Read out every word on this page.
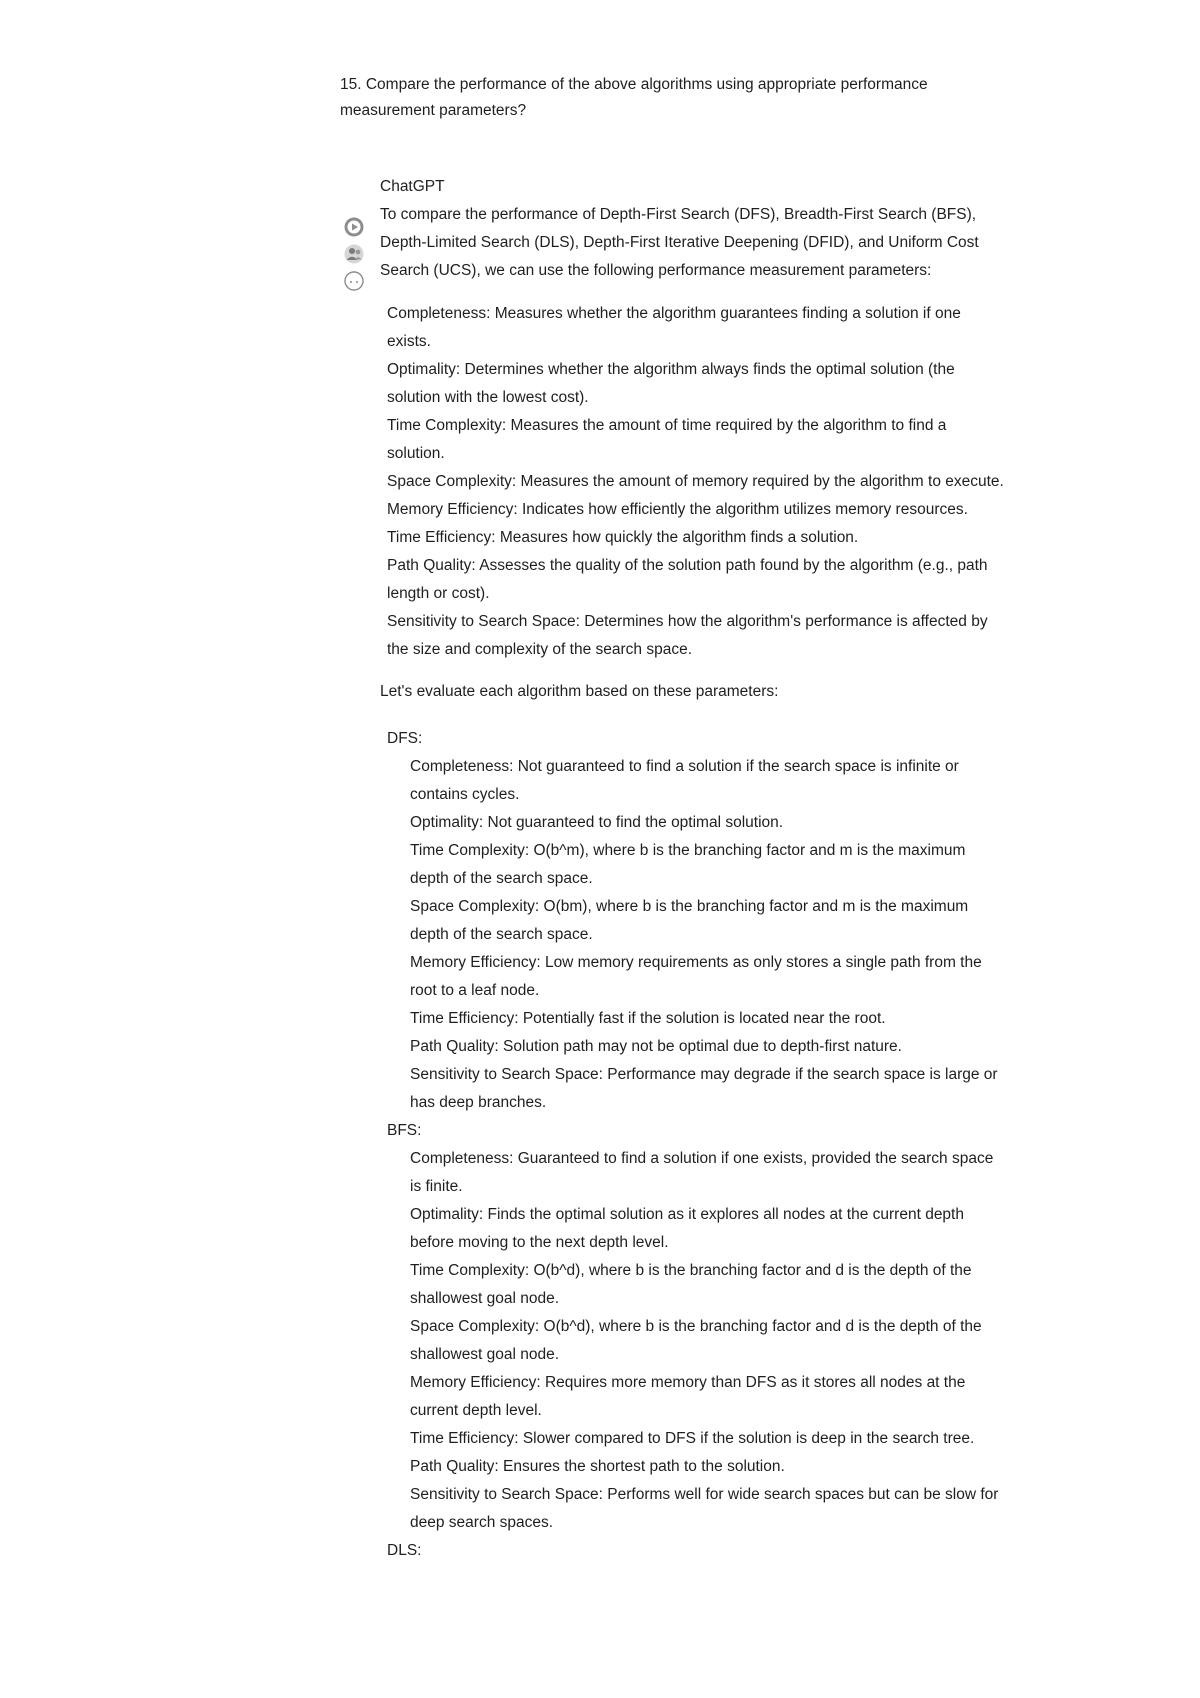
15. Compare the performance of the above algorithms using appropriate performance measurement parameters?

ChatGPT

To compare the performance of Depth-First Search (DFS), Breadth-First Search (BFS), Depth-Limited Search (DLS), Depth-First Iterative Deepening (DFID), and Uniform Cost Search (UCS), we can use the following performance measurement parameters:

Completeness: Measures whether the algorithm guarantees finding a solution if one exists.
Optimality: Determines whether the algorithm always finds the optimal solution (the solution with the lowest cost).
Time Complexity: Measures the amount of time required by the algorithm to find a solution.
Space Complexity: Measures the amount of memory required by the algorithm to execute.
Memory Efficiency: Indicates how efficiently the algorithm utilizes memory resources.
Time Efficiency: Measures how quickly the algorithm finds a solution.
Path Quality: Assesses the quality of the solution path found by the algorithm (e.g., path length or cost).
Sensitivity to Search Space: Determines how the algorithm's performance is affected by the size and complexity of the search space.

Let's evaluate each algorithm based on these parameters:

DFS:
Completeness: Not guaranteed to find a solution if the search space is infinite or contains cycles.
Optimality: Not guaranteed to find the optimal solution.
Time Complexity: O(b^m), where b is the branching factor and m is the maximum depth of the search space.
Space Complexity: O(bm), where b is the branching factor and m is the maximum depth of the search space.
Memory Efficiency: Low memory requirements as only stores a single path from the root to a leaf node.
Time Efficiency: Potentially fast if the solution is located near the root.
Path Quality: Solution path may not be optimal due to depth-first nature.
Sensitivity to Search Space: Performance may degrade if the search space is large or has deep branches.
BFS:
Completeness: Guaranteed to find a solution if one exists, provided the search space is finite.
Optimality: Finds the optimal solution as it explores all nodes at the current depth before moving to the next depth level.
Time Complexity: O(b^d), where b is the branching factor and d is the depth of the shallowest goal node.
Space Complexity: O(b^d), where b is the branching factor and d is the depth of the shallowest goal node.
Memory Efficiency: Requires more memory than DFS as it stores all nodes at the current depth level.
Time Efficiency: Slower compared to DFS if the solution is deep in the search tree.
Path Quality: Ensures the shortest path to the solution.
Sensitivity to Search Space: Performs well for wide search spaces but can be slow for deep search spaces.
DLS:
